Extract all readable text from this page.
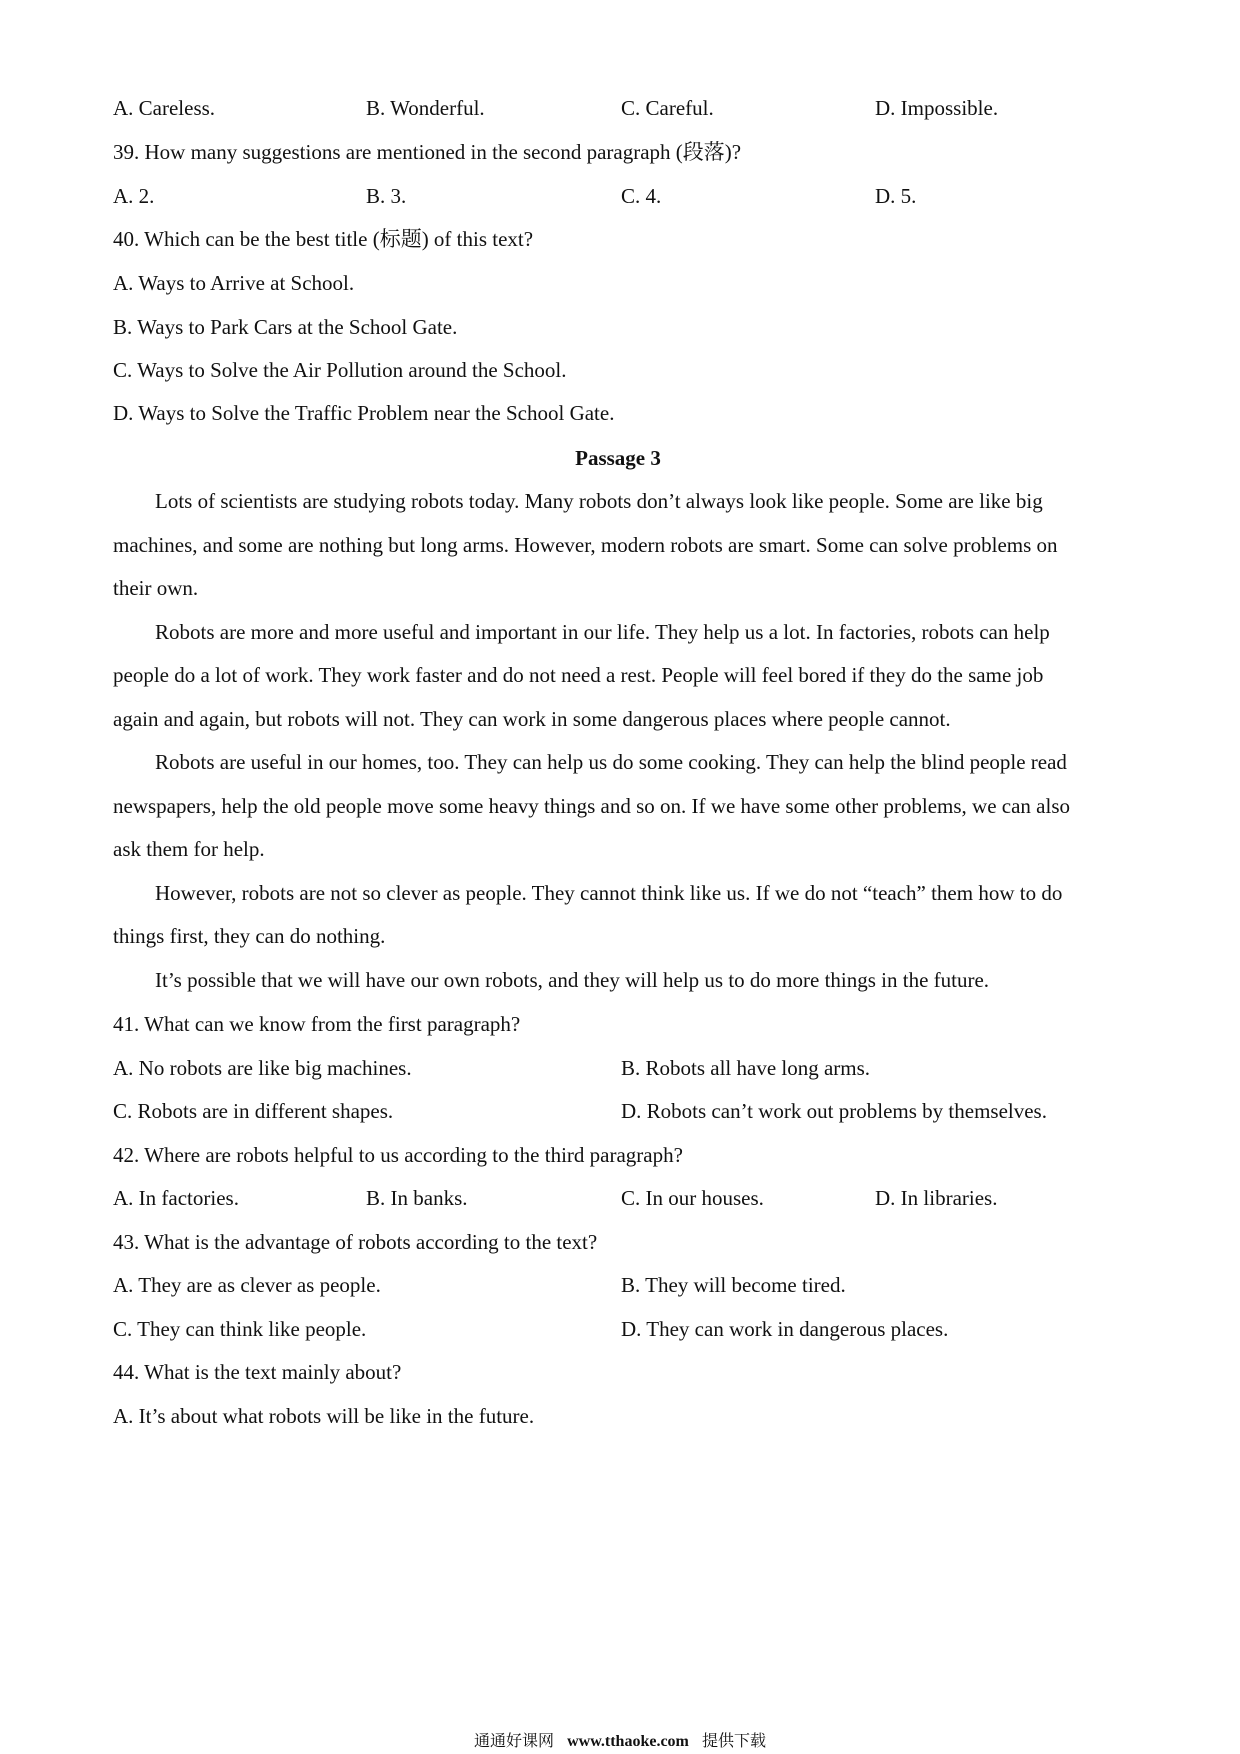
A. Careless.	B. Wonderful.	C. Careful.	D. Impossible.
39. How many suggestions are mentioned in the second paragraph (段落)?
A. 2.	B. 3.	C. 4.	D. 5.
40. Which can be the best title (标题) of this text?
A. Ways to Arrive at School.
B. Ways to Park Cars at the School Gate.
C. Ways to Solve the Air Pollution around the School.
D. Ways to Solve the Traffic Problem near the School Gate.
Passage 3
Lots of scientists are studying robots today. Many robots don’t always look like people. Some are like big
machines, and some are nothing but long arms. However, modern robots are smart. Some can solve problems on
their own.
Robots are more and more useful and important in our life. They help us a lot. In factories, robots can help
people do a lot of work. They work faster and do not need a rest. People will feel bored if they do the same job
again and again, but robots will not. They can work in some dangerous places where people cannot.
Robots are useful in our homes, too. They can help us do some cooking. They can help the blind people read
newspapers, help the old people move some heavy things and so on. If we have some other problems, we can also
ask them for help.
However, robots are not so clever as people. They cannot think like us. If we do not “teach” them how to do
things first, they can do nothing.
It’s possible that we will have our own robots, and they will help us to do more things in the future.
41. What can we know from the first paragraph?
A. No robots are like big machines.	B. Robots all have long arms.
C. Robots are in different shapes.	D. Robots can’t work out problems by themselves.
42. Where are robots helpful to us according to the third paragraph?
A. In factories.	B. In banks.	C. In our houses.	D. In libraries.
43. What is the advantage of robots according to the text?
A. They are as clever as people.	B. They will become tired.
C. They can think like people.	D. They can work in dangerous places.
44. What is the text mainly about?
A. It’s about what robots will be like in the future.
通通好课网 www.tthaoke.com 提供下载
